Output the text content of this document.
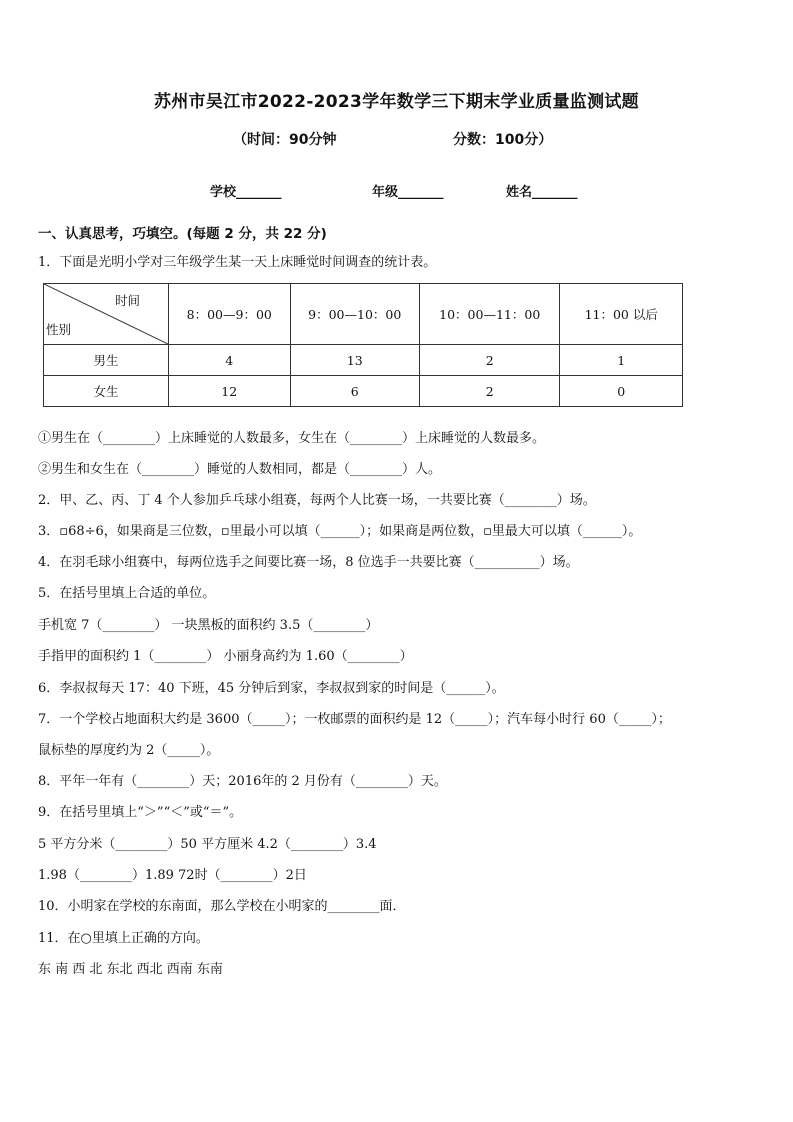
苏州市吴江市2022-2023学年数学三下期末学业质量监测试题
（时间：90分钟	分数：100分）
学校_______	年级_______	姓名_______
一、认真思考，巧填空。(每题 2 分，共 22 分)
1．下面是光明小学对三年级学生某一天上床睡觉时间调查的统计表。
时间
性别	8：00—9：00	9：00—10：00	10：00—11：00	11：00 以后
男生	4	13	2	1
女生	12	6	2	0
①男生在（________）上床睡觉的人数最多，女生在（________）上床睡觉的人数最多。
②男生和女生在（________）睡觉的人数相同，都是（________）人。
2．甲、乙、丙、丁 4 个人参加乒乓球小组赛，每两个人比赛一场，一共要比赛（________）场。
3．▫68÷6，如果商是三位数，▫里最小可以填（______）；如果商是两位数，▫里最大可以填（______）。
4．在羽毛球小组赛中，每两位选手之间要比赛一场，8 位选手一共要比赛（__________）场。
5．在括号里填上合适的单位。
手机宽 7（________） 一块黑板的面积约 3.5（________）
手指甲的面积约 1（________） 小丽身高约为 1.60（________）
6．李叔叔每天 17：40 下班，45 分钟后到家，李叔叔到家的时间是（______）。
7．一个学校占地面积大约是 3600（_____）；一枚邮票的面积约是 12（_____）；汽车每小时行 60（_____）；
鼠标垫的厚度约为 2（_____）。
8．平年一年有（________）天；2016年的 2 月份有（________）天。
9．在括号里填上“＞”“＜”或“＝”。
5 平方分米（________）50 平方厘米 4.2（________）3.4
1.98（________）1.89 72时（________）2日
10．小明家在学校的东南面，那么学校在小明家的________面．
11．在○里填上正确的方向。
东 南 西 北 东北 西北 西南 东南
